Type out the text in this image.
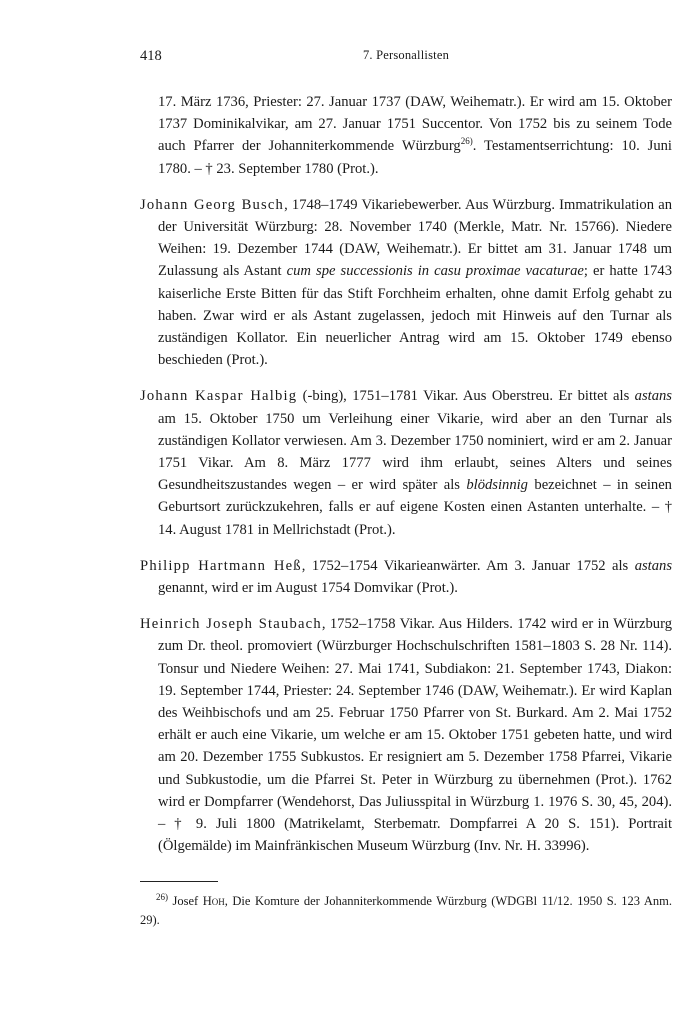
418	7. Personallisten

17. März 1736, Priester: 27. Januar 1737 (DAW, Weihematr.). Er wird am 15. Oktober 1737 Dominikalvikar, am 27. Januar 1751 Succentor. Von 1752 bis zu seinem Tode auch Pfarrer der Johanniterkommende Würzburg$^{26)}$. Testamentserrichtung: 10. Juni 1780. – † 23. September 1780 (Prot.).

Johann Georg Busch, 1748–1749 Vikariebewerber. Aus Würzburg. Immatrikulation an der Universität Würzburg: 28. November 1740 (Merkle, Matr. Nr. 15766). Niedere Weihen: 19. Dezember 1744 (DAW, Weihematr.). Er bittet am 31. Januar 1748 um Zulassung als Astant cum spe successionis in casu proximae vacaturae; er hatte 1743 kaiserliche Erste Bitten für das Stift Forchheim erhalten, ohne damit Erfolg gehabt zu haben. Zwar wird er als Astant zugelassen, jedoch mit Hinweis auf den Turnar als zuständigen Kollator. Ein neuerlicher Antrag wird am 15. Oktober 1749 ebenso beschieden (Prot.).

Johann Kaspar Halbig (-bing), 1751–1781 Vikar. Aus Oberstreu. Er bittet als astans am 15. Oktober 1750 um Verleihung einer Vikarie, wird aber an den Turnar als zuständigen Kollator verwiesen. Am 3. Dezember 1750 nominiert, wird er am 2. Januar 1751 Vikar. Am 8. März 1777 wird ihm erlaubt, seines Alters und seines Gesundheitszustandes wegen – er wird später als blödsinnig bezeichnet – in seinen Geburtsort zurückzukehren, falls er auf eigene Kosten einen Astanten unterhalte. – † 14. August 1781 in Mellrichstadt (Prot.).

Philipp Hartmann Heß, 1752–1754 Vikarieanwärter. Am 3. Januar 1752 als astans genannt, wird er im August 1754 Domvikar (Prot.).

Heinrich Joseph Staubach, 1752–1758 Vikar. Aus Hilders. 1742 wird er in Würzburg zum Dr. theol. promoviert (Würzburger Hochschulschriften 1581–1803 S. 28 Nr. 114). Tonsur und Niedere Weihen: 27. Mai 1741, Subdiakon: 21. September 1743, Diakon: 19. September 1744, Priester: 24. September 1746 (DAW, Weihematr.). Er wird Kaplan des Weihbischofs und am 25. Februar 1750 Pfarrer von St. Burkard. Am 2. Mai 1752 erhält er auch eine Vikarie, um welche er am 15. Oktober 1751 gebeten hatte, und wird am 20. Dezember 1755 Subkustos. Er resigniert am 5. Dezember 1758 Pfarrei, Vikarie und Subkustodie, um die Pfarrei St. Peter in Würzburg zu übernehmen (Prot.). 1762 wird er Dompfarrer (Wendehorst, Das Juliusspital in Würzburg 1. 1976 S. 30, 45, 204). – † 9. Juli 1800 (Matrikelamt, Sterbematr. Dompfarrei A 20 S. 151). Portrait (Ölgemälde) im Mainfränkischen Museum Würzburg (Inv. Nr. H. 33996).

$^{26)}$ Josef Hoh, Die Komture der Johanniterkommende Würzburg (WDGBl 11/12. 1950 S. 123 Anm. 29).
